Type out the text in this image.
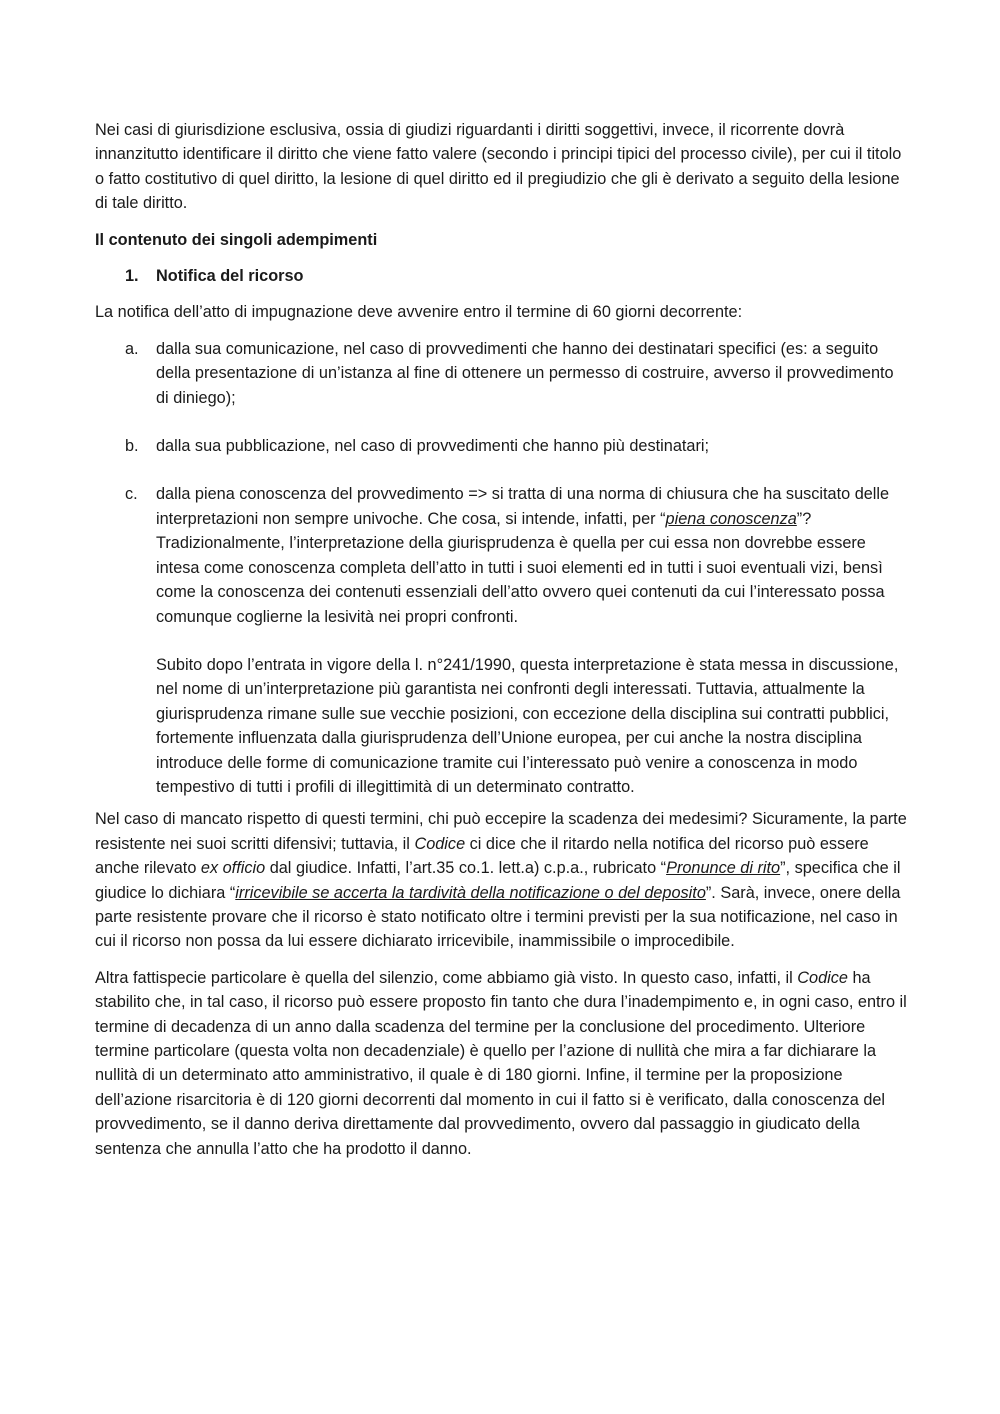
Nei casi di giurisdizione esclusiva, ossia di giudizi riguardanti i diritti soggettivi, invece, il ricorrente dovrà innanzitutto identificare il diritto che viene fatto valere (secondo i principi tipici del processo civile), per cui il titolo o fatto costitutivo di quel diritto, la lesione di quel diritto ed il pregiudizio che gli è derivato a seguito della lesione di tale diritto.

Il contenuto dei singoli adempimenti

1. Notifica del ricorso

La notifica dell’atto di impugnazione deve avvenire entro il termine di 60 giorni decorrente:

a. dalla sua comunicazione, nel caso di provvedimenti che hanno dei destinatari specifici (es: a seguito della presentazione di un’istanza al fine di ottenere un permesso di costruire, avverso il provvedimento di diniego);
b. dalla sua pubblicazione, nel caso di provvedimenti che hanno più destinatari;
c. dalla piena conoscenza del provvedimento => si tratta di una norma di chiusura che ha suscitato delle interpretazioni non sempre univoche. Che cosa, si intende, infatti, per “piena conoscenza”? Tradizionalmente, l’interpretazione della giurisprudenza è quella per cui essa non dovrebbe essere intesa come conoscenza completa dell’atto in tutti i suoi elementi ed in tutti i suoi eventuali vizi, bensì come la conoscenza dei contenuti essenziali dell’atto ovvero quei contenuti da cui l’interessato possa comunque coglierne la lesività nei propri confronti.

Subito dopo l’entrata in vigore della l. n°241/1990, questa interpretazione è stata messa in discussione, nel nome di un’interpretazione più garantista nei confronti degli interessati. Tuttavia, attualmente la giurisprudenza rimane sulle sue vecchie posizioni, con eccezione della disciplina sui contratti pubblici, fortemente influenzata dalla giurisprudenza dell’Unione europea, per cui anche la nostra disciplina introduce delle forme di comunicazione tramite cui l’interessato può venire a conoscenza in modo tempestivo di tutti i profili di illegittimità di un determinato contratto.

Nel caso di mancato rispetto di questi termini, chi può eccepire la scadenza dei medesimi? Sicuramente, la parte resistente nei suoi scritti difensivi; tuttavia, il Codice ci dice che il ritardo nella notifica del ricorso può essere anche rilevato ex officio dal giudice. Infatti, l’art.35 co.1. lett.a) c.p.a., rubricato “Pronunce di rito”, specifica che il giudice lo dichiara “irricevibile se accerta la tardività della notificazione o del deposito”. Sarà, invece, onere della parte resistente provare che il ricorso è stato notificato oltre i termini previsti per la sua notificazione, nel caso in cui il ricorso non possa da lui essere dichiarato irricevibile, inammissibile o improcedibile.

Altra fattispecie particolare è quella del silenzio, come abbiamo già visto. In questo caso, infatti, il Codice ha stabilito che, in tal caso, il ricorso può essere proposto fin tanto che dura l’inadempimento e, in ogni caso, entro il termine di decadenza di un anno dalla scadenza del termine per la conclusione del procedimento. Ulteriore termine particolare (questa volta non decadenziale) è quello per l’azione di nullità che mira a far dichiarare la nullità di un determinato atto amministrativo, il quale è di 180 giorni. Infine, il termine per la proposizione dell’azione risarcitoria è di 120 giorni decorrenti dal momento in cui il fatto si è verificato, dalla conoscenza del provvedimento, se il danno deriva direttamente dal provvedimento, ovvero dal passaggio in giudicato della sentenza che annulla l’atto che ha prodotto il danno.
